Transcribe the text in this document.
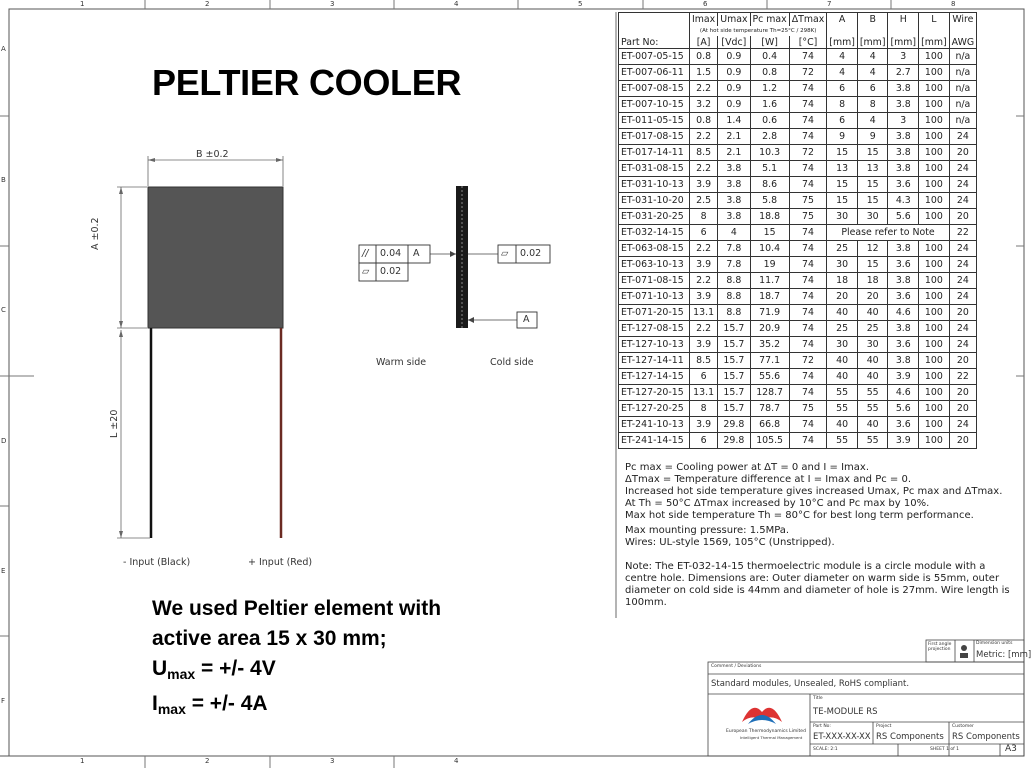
1	2	3	4	5	6	7	8
1	2	3	4
A
B
C
D
E
F
PELTIER COOLER
B ±0.2
A ±0.2
L ±20
// 0.04 A
▱ 0.02
▱ 0.02
A
Warm side	Cold side
- Input (Black)	+ Input (Red)
We used Peltier element with
active area 15 x 30 mm;
$U_{max}$ = +/- 4V
$I_{max}$ = +/- 4A
	Imax	Umax	Pc max	ΔTmax	A	B	H	L	Wire
	(At hot side temperature Th=25°C / 298K)								
Part No:	[A]	[Vdc]	[W]	[°C]	[mm]	[mm]	[mm]	[mm]	AWG
ET-007-05-15	0.8	0.9	0.4	74	4	4	3	100	n/a
ET-007-06-11	1.5	0.9	0.8	72	4	4	2.7	100	n/a
ET-007-08-15	2.2	0.9	1.2	74	6	6	3.8	100	n/a
ET-007-10-15	3.2	0.9	1.6	74	8	8	3.8	100	n/a
ET-011-05-15	0.8	1.4	0.6	74	6	4	3	100	n/a
ET-017-08-15	2.2	2.1	2.8	74	9	9	3.8	100	24
ET-017-14-11	8.5	2.1	10.3	72	15	15	3.8	100	20
ET-031-08-15	2.2	3.8	5.1	74	13	13	3.8	100	24
ET-031-10-13	3.9	3.8	8.6	74	15	15	3.6	100	24
ET-031-10-20	2.5	3.8	5.8	75	15	15	4.3	100	24
ET-031-20-25	8	3.8	18.8	75	30	30	5.6	100	20
ET-032-14-15	6	4	15	74	Please refer to Note				22
ET-063-08-15	2.2	7.8	10.4	74	25	12	3.8	100	24
ET-063-10-13	3.9	7.8	19	74	30	15	3.6	100	24
ET-071-08-15	2.2	8.8	11.7	74	18	18	3.8	100	24
ET-071-10-13	3.9	8.8	18.7	74	20	20	3.6	100	24
ET-071-20-15	13.1	8.8	71.9	74	40	40	4.6	100	20
ET-127-08-15	2.2	15.7	20.9	74	25	25	3.8	100	24
ET-127-10-13	3.9	15.7	35.2	74	30	30	3.6	100	24
ET-127-14-11	8.5	15.7	77.1	72	40	40	3.8	100	20
ET-127-14-15	6	15.7	55.6	74	40	40	3.9	100	22
ET-127-20-15	13.1	15.7	128.7	74	55	55	4.6	100	20
ET-127-20-25	8	15.7	78.7	75	55	55	5.6	100	20
ET-241-10-13	3.9	29.8	66.8	74	40	40	3.6	100	24
ET-241-14-15	6	29.8	105.5	74	55	55	3.9	100	20
Pc max = Cooling power at ΔT = 0 and I = Imax.
ΔTmax = Temperature difference at I = Imax and Pc = 0.
Increased hot side temperature gives increased Umax, Pc max and ΔTmax.
At Th = 50°C ΔTmax increased by 10°C and Pc max by 10%.

Max hot side temperature Th = 80°C for best long term performance.

Max mounting pressure: 1.5MPa.

Wires: UL-style 1569, 105°C (Unstripped).

Note: The ET-032-14-15 thermoelectric module is a circle module with a centre hole. Dimensions are: Outer diameter on warm side is 55mm, outer diameter on cold side is 44mm and diameter of hole is 27mm. Wire length is 100mm.

First angle projection
Dimension units
Metric: [mm]
Comment / Deviations
Standard modules, Unsealed, RoHS compliant.
Title
TE-MODULE RS
European Thermodynamics Limited
Intelligent Thermal Management
Part No:
ET-XXX-XX-XX
Project
RS Components
Customer
RS Components
SCALE: 2:1	SHEET 1 of 1	A3
